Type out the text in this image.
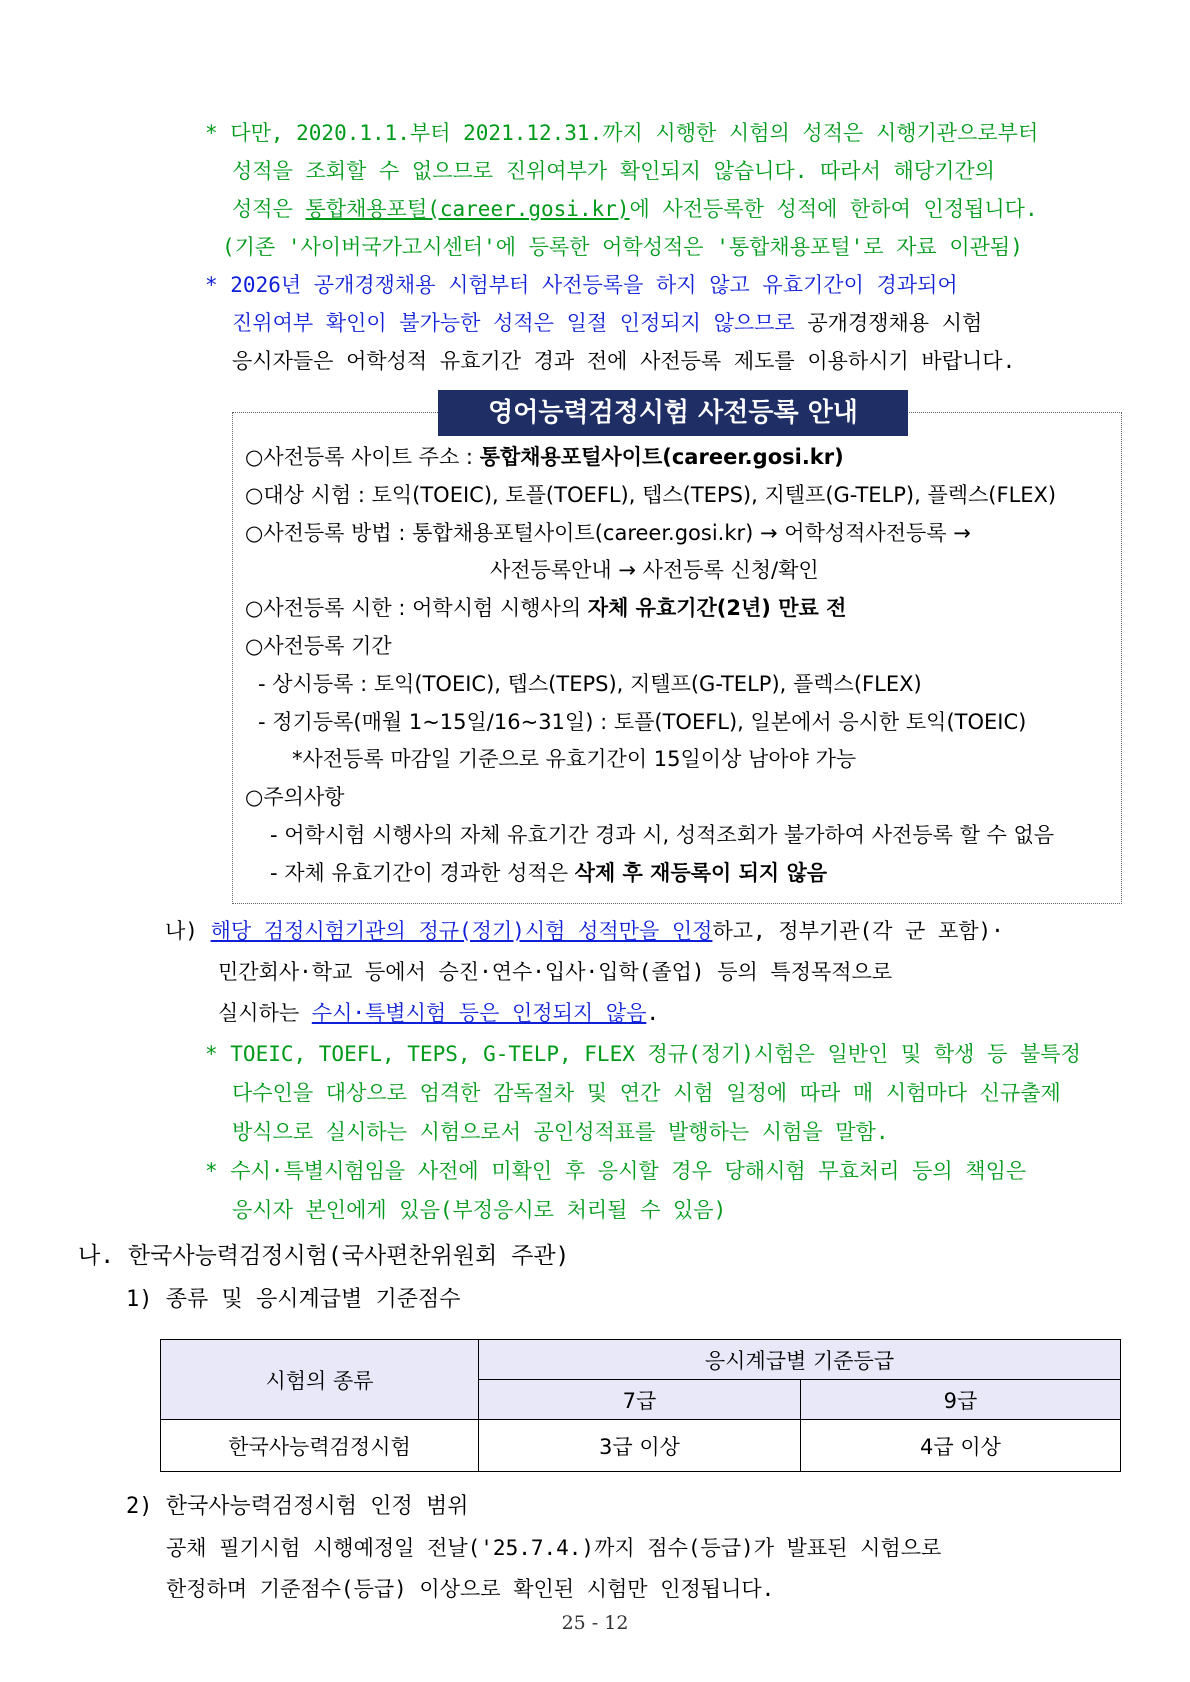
* 다만, 2020.1.1.부터 2021.12.31.까지 시행한 시험의 성적은 시행기관으로부터
성적을 조회할 수 없으므로 진위여부가 확인되지 않습니다. 따라서 해당기간의
성적은 통합채용포털(career.gosi.kr)에 사전등록한 성적에 한하여 인정됩니다.
(기존 '사이버국가고시센터'에 등록한 어학성적은 '통합채용포털'로 자료 이관됨)
* 2026년 공개경쟁채용 시험부터 사전등록을 하지 않고 유효기간이 경과되어
진위여부 확인이 불가능한 성적은 일절 인정되지 않으므로 공개경쟁채용 시험
응시자들은 어학성적 유효기간 경과 전에 사전등록 제도를 이용하시기 바랍니다.
영어능력검정시험 사전등록 안내
○사전등록 사이트 주소 : 통합채용포털사이트(career.gosi.kr)
○대상 시험 : 토익(TOEIC), 토플(TOEFL), 텝스(TEPS), 지텔프(G-TELP), 플렉스(FLEX)
○사전등록 방법 : 통합채용포털사이트(career.gosi.kr) → 어학성적사전등록 →
사전등록안내 → 사전등록 신청/확인
○사전등록 시한 : 어학시험 시행사의 자체 유효기간(2년) 만료 전
○사전등록 기간
- 상시등록 : 토익(TOEIC), 텝스(TEPS), 지텔프(G-TELP), 플렉스(FLEX)
- 정기등록(매월 1~15일/16~31일) : 토플(TOEFL), 일본에서 응시한 토익(TOEIC)
*사전등록 마감일 기준으로 유효기간이 15일이상 남아야 가능
○주의사항
- 어학시험 시행사의 자체 유효기간 경과 시, 성적조회가 불가하여 사전등록 할 수 없음
- 자체 유효기간이 경과한 성적은 삭제 후 재등록이 되지 않음
나) 해당 검정시험기관의 정규(정기)시험 성적만을 인정하고, 정부기관(각 군 포함)·
민간회사·학교 등에서 승진·연수·입사·입학(졸업) 등의 특정목적으로
실시하는 수시·특별시험 등은 인정되지 않음.
* TOEIC, TOEFL, TEPS, G-TELP, FLEX 정규(정기)시험은 일반인 및 학생 등 불특정
다수인을 대상으로 엄격한 감독절차 및 연간 시험 일정에 따라 매 시험마다 신규출제
방식으로 실시하는 시험으로서 공인성적표를 발행하는 시험을 말함.
* 수시·특별시험임을 사전에 미확인 후 응시할 경우 당해시험 무효처리 등의 책임은
응시자 본인에게 있음(부정응시로 처리될 수 있음)
나. 한국사능력검정시험(국사편찬위원회 주관)
1) 종류 및 응시계급별 기준점수
시험의 종류	응시계급별 기준등급	
	7급	9급
한국사능력검정시험	3급 이상	4급 이상
2) 한국사능력검정시험 인정 범위
공채 필기시험 시행예정일 전날('25.7.4.)까지 점수(등급)가 발표된 시험으로
한정하며 기준점수(등급) 이상으로 확인된 시험만 인정됩니다.
25 - 12
